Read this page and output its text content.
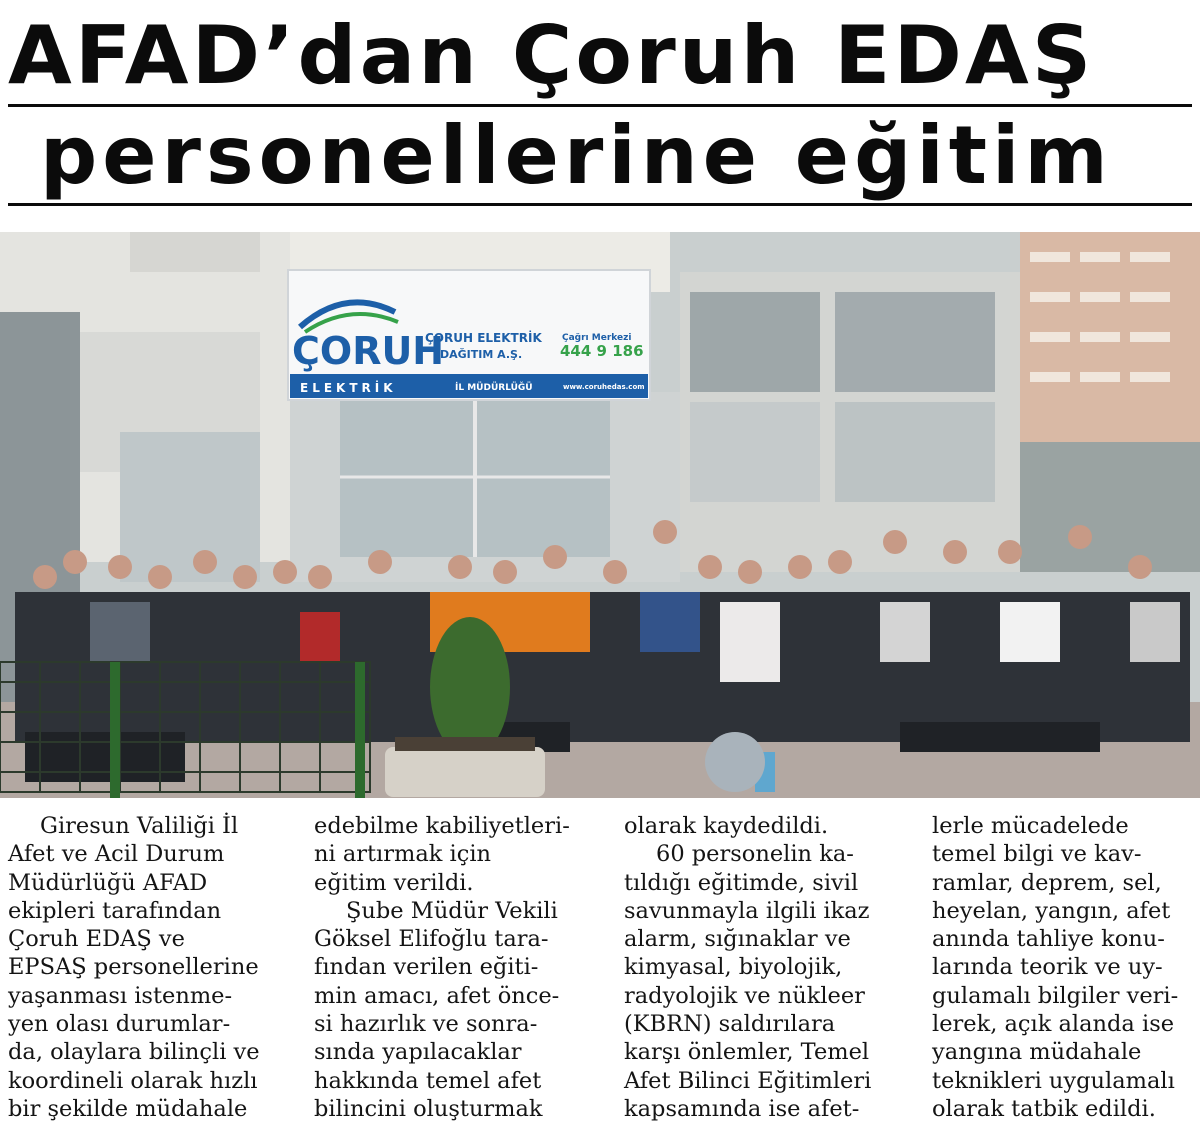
AFAD’dan Çoruh EDAŞ
personellerine eğitim
ÇORUH
ELEKTRİK
ÇORUH ELEKTRİK
DAĞITIM A.Ş.
Çağrı Merkezi
444 9 186
İL MÜDÜRLÜĞÜ	www.coruhedas.com
Giresun Valiliği İl
Afet ve Acil Durum
Müdürlüğü AFAD
ekipleri tarafından
Çoruh EDAŞ ve
EPSAŞ personellerine
yaşanması istenme-
yen olası durumlar-
da, olaylara bilinçli ve
koordineli olarak hızlı
bir şekilde müdahale
edebilme kabiliyetleri-
ni artırmak için
eğitim verildi.
Şube Müdür Vekili
Göksel Elifoğlu tara-
fından verilen eğiti-
min amacı, afet önce-
si hazırlık ve sonra-
sında yapılacaklar
hakkında temel afet
bilincini oluşturmak
olarak kaydedildi.
60 personelin ka-
tıldığı eğitimde, sivil
savunmayla ilgili ikaz
alarm, sığınaklar ve
kimyasal, biyolojik,
radyolojik ve nükleer
(KBRN) saldırılara
karşı önlemler, Temel
Afet Bilinci Eğitimleri
kapsamında ise afet-
lerle mücadelede
temel bilgi ve kav-
ramlar, deprem, sel,
heyelan, yangın, afet
anında tahliye konu-
larında teorik ve uy-
gulamalı bilgiler veri-
lerek, açık alanda ise
yangına müdahale
teknikleri uygulamalı
olarak tatbik edildi.
